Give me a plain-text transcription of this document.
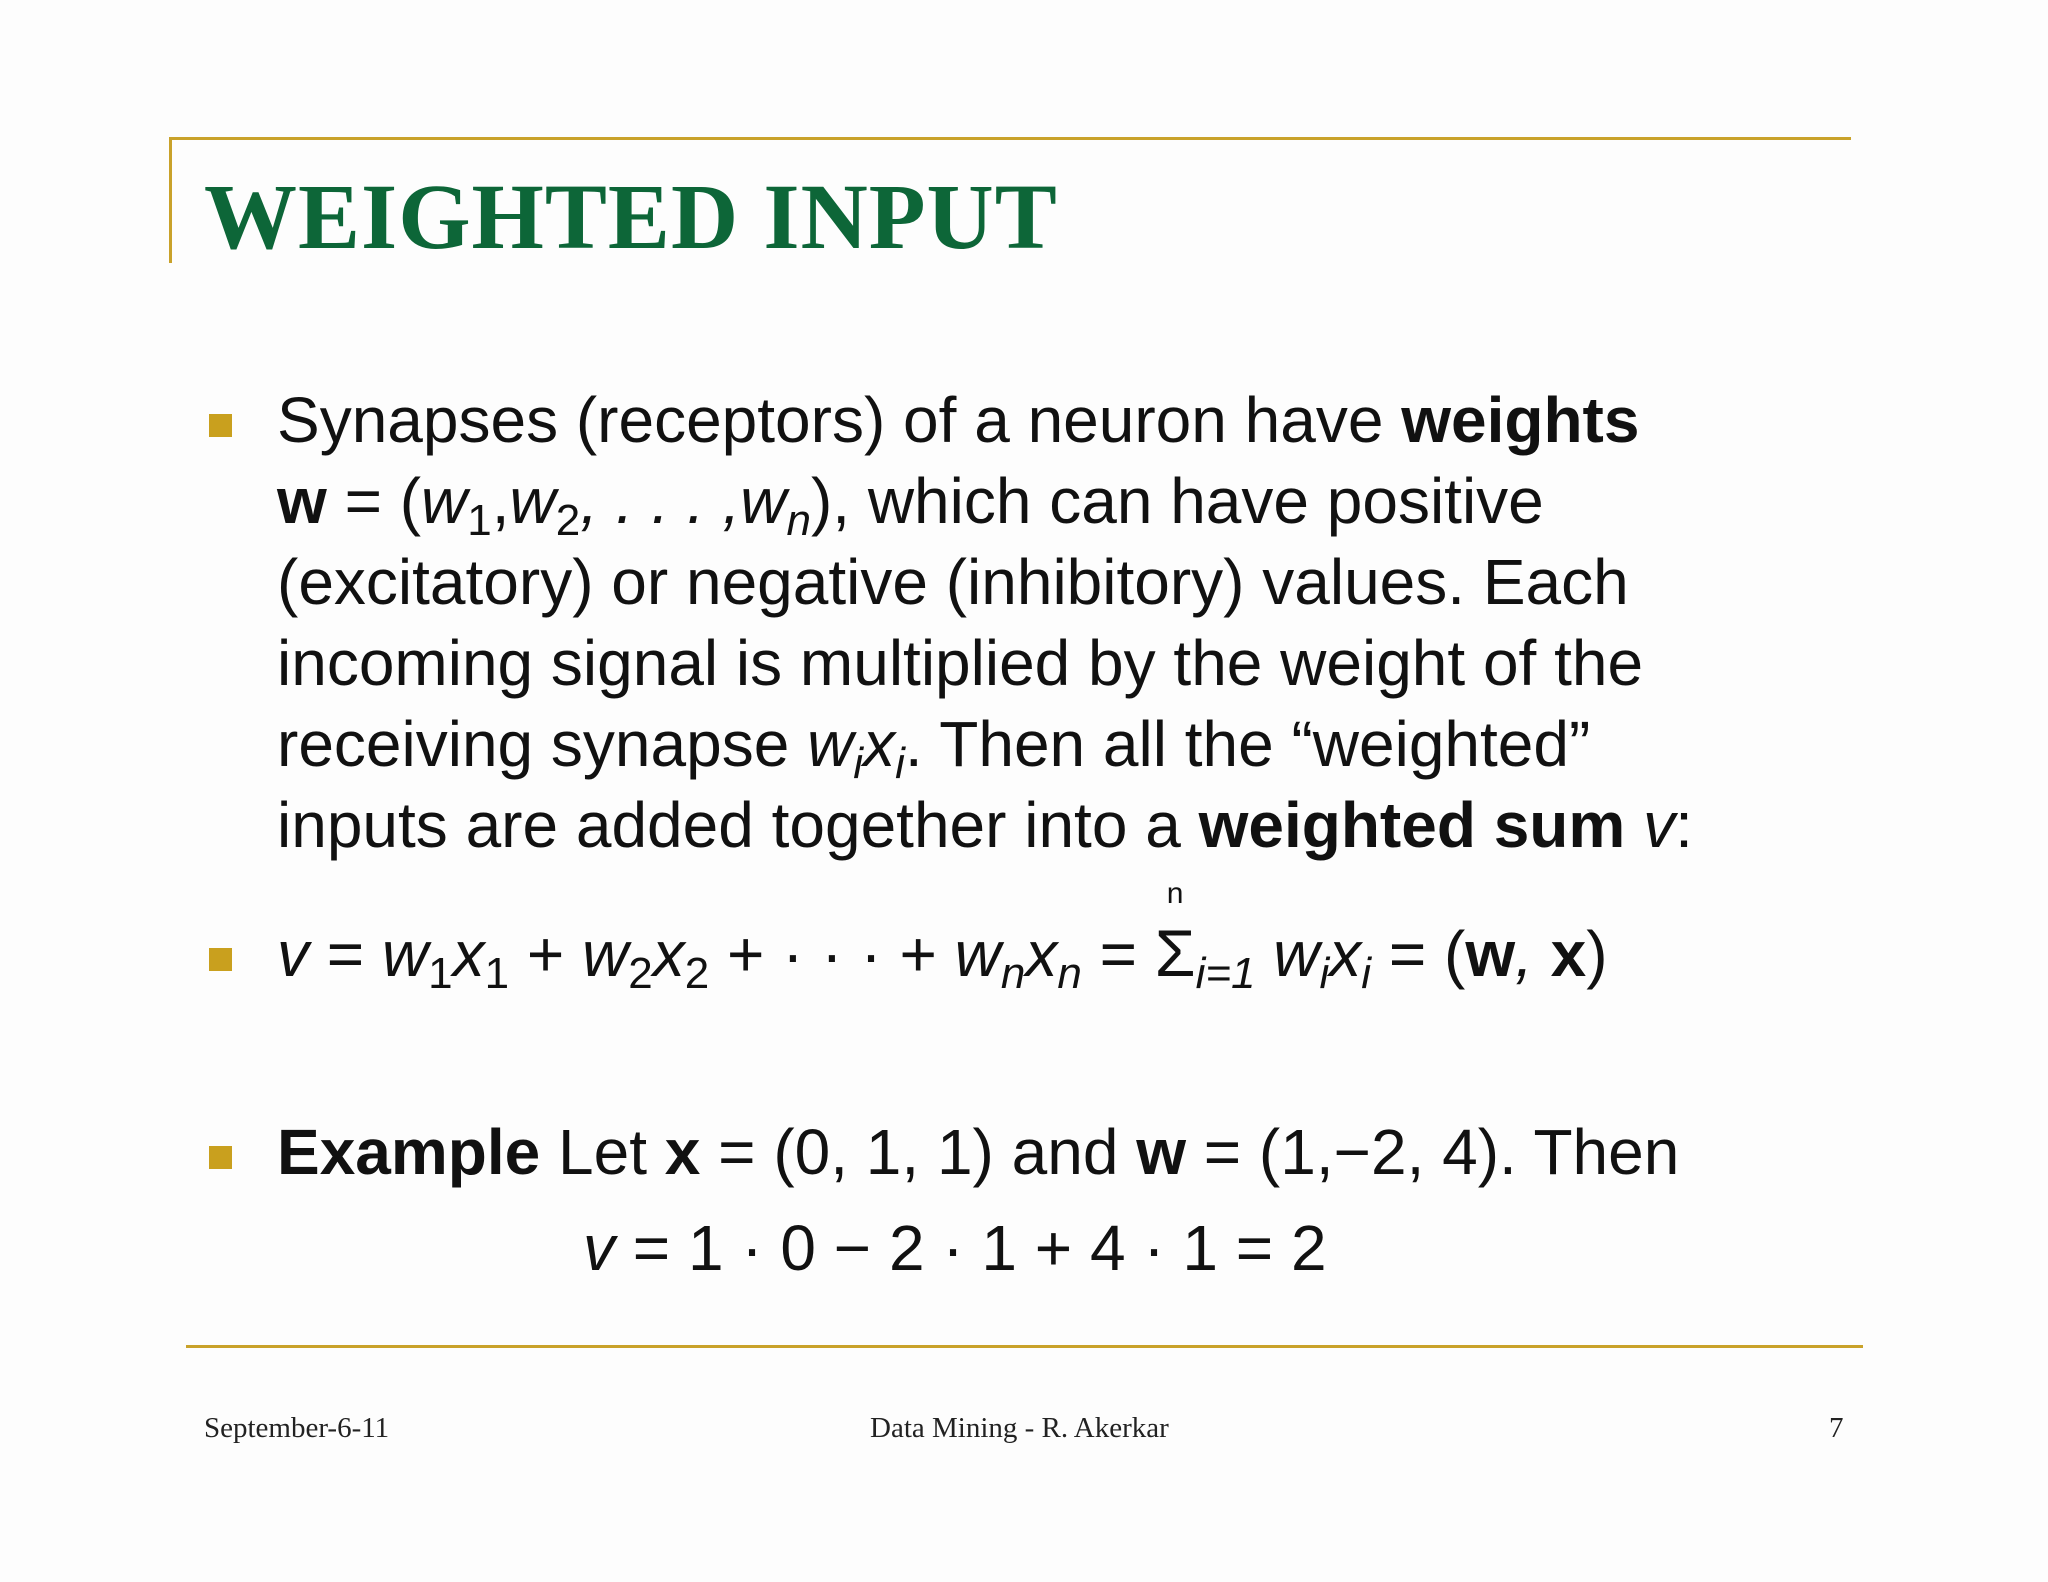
WEIGHTED INPUT
Synapses (receptors) of a neuron have weights
$w = (w_1,w_2$, . . . $,w_n$), which can have positive
(excitatory) or negative (inhibitory) values. Each
incoming signal is multiplied by the weight of the
receiving synapse $w_ix_i$. Then all the “weighted”
inputs are added together into a weighted sum v:
$v = w_1x_1 + w_2x_2$ + · · · + $w_nx_n$ =
n
$\Sigma_{i=1}$ $w_ix_i = (w$, x)
Example Let x = (0, 1, 1) and w = (1,−2, 4). Then
v = 1 · 0 − 2 · 1 + 4 · 1 = 2
September-6-11	Data Mining - R. Akerkar	7
